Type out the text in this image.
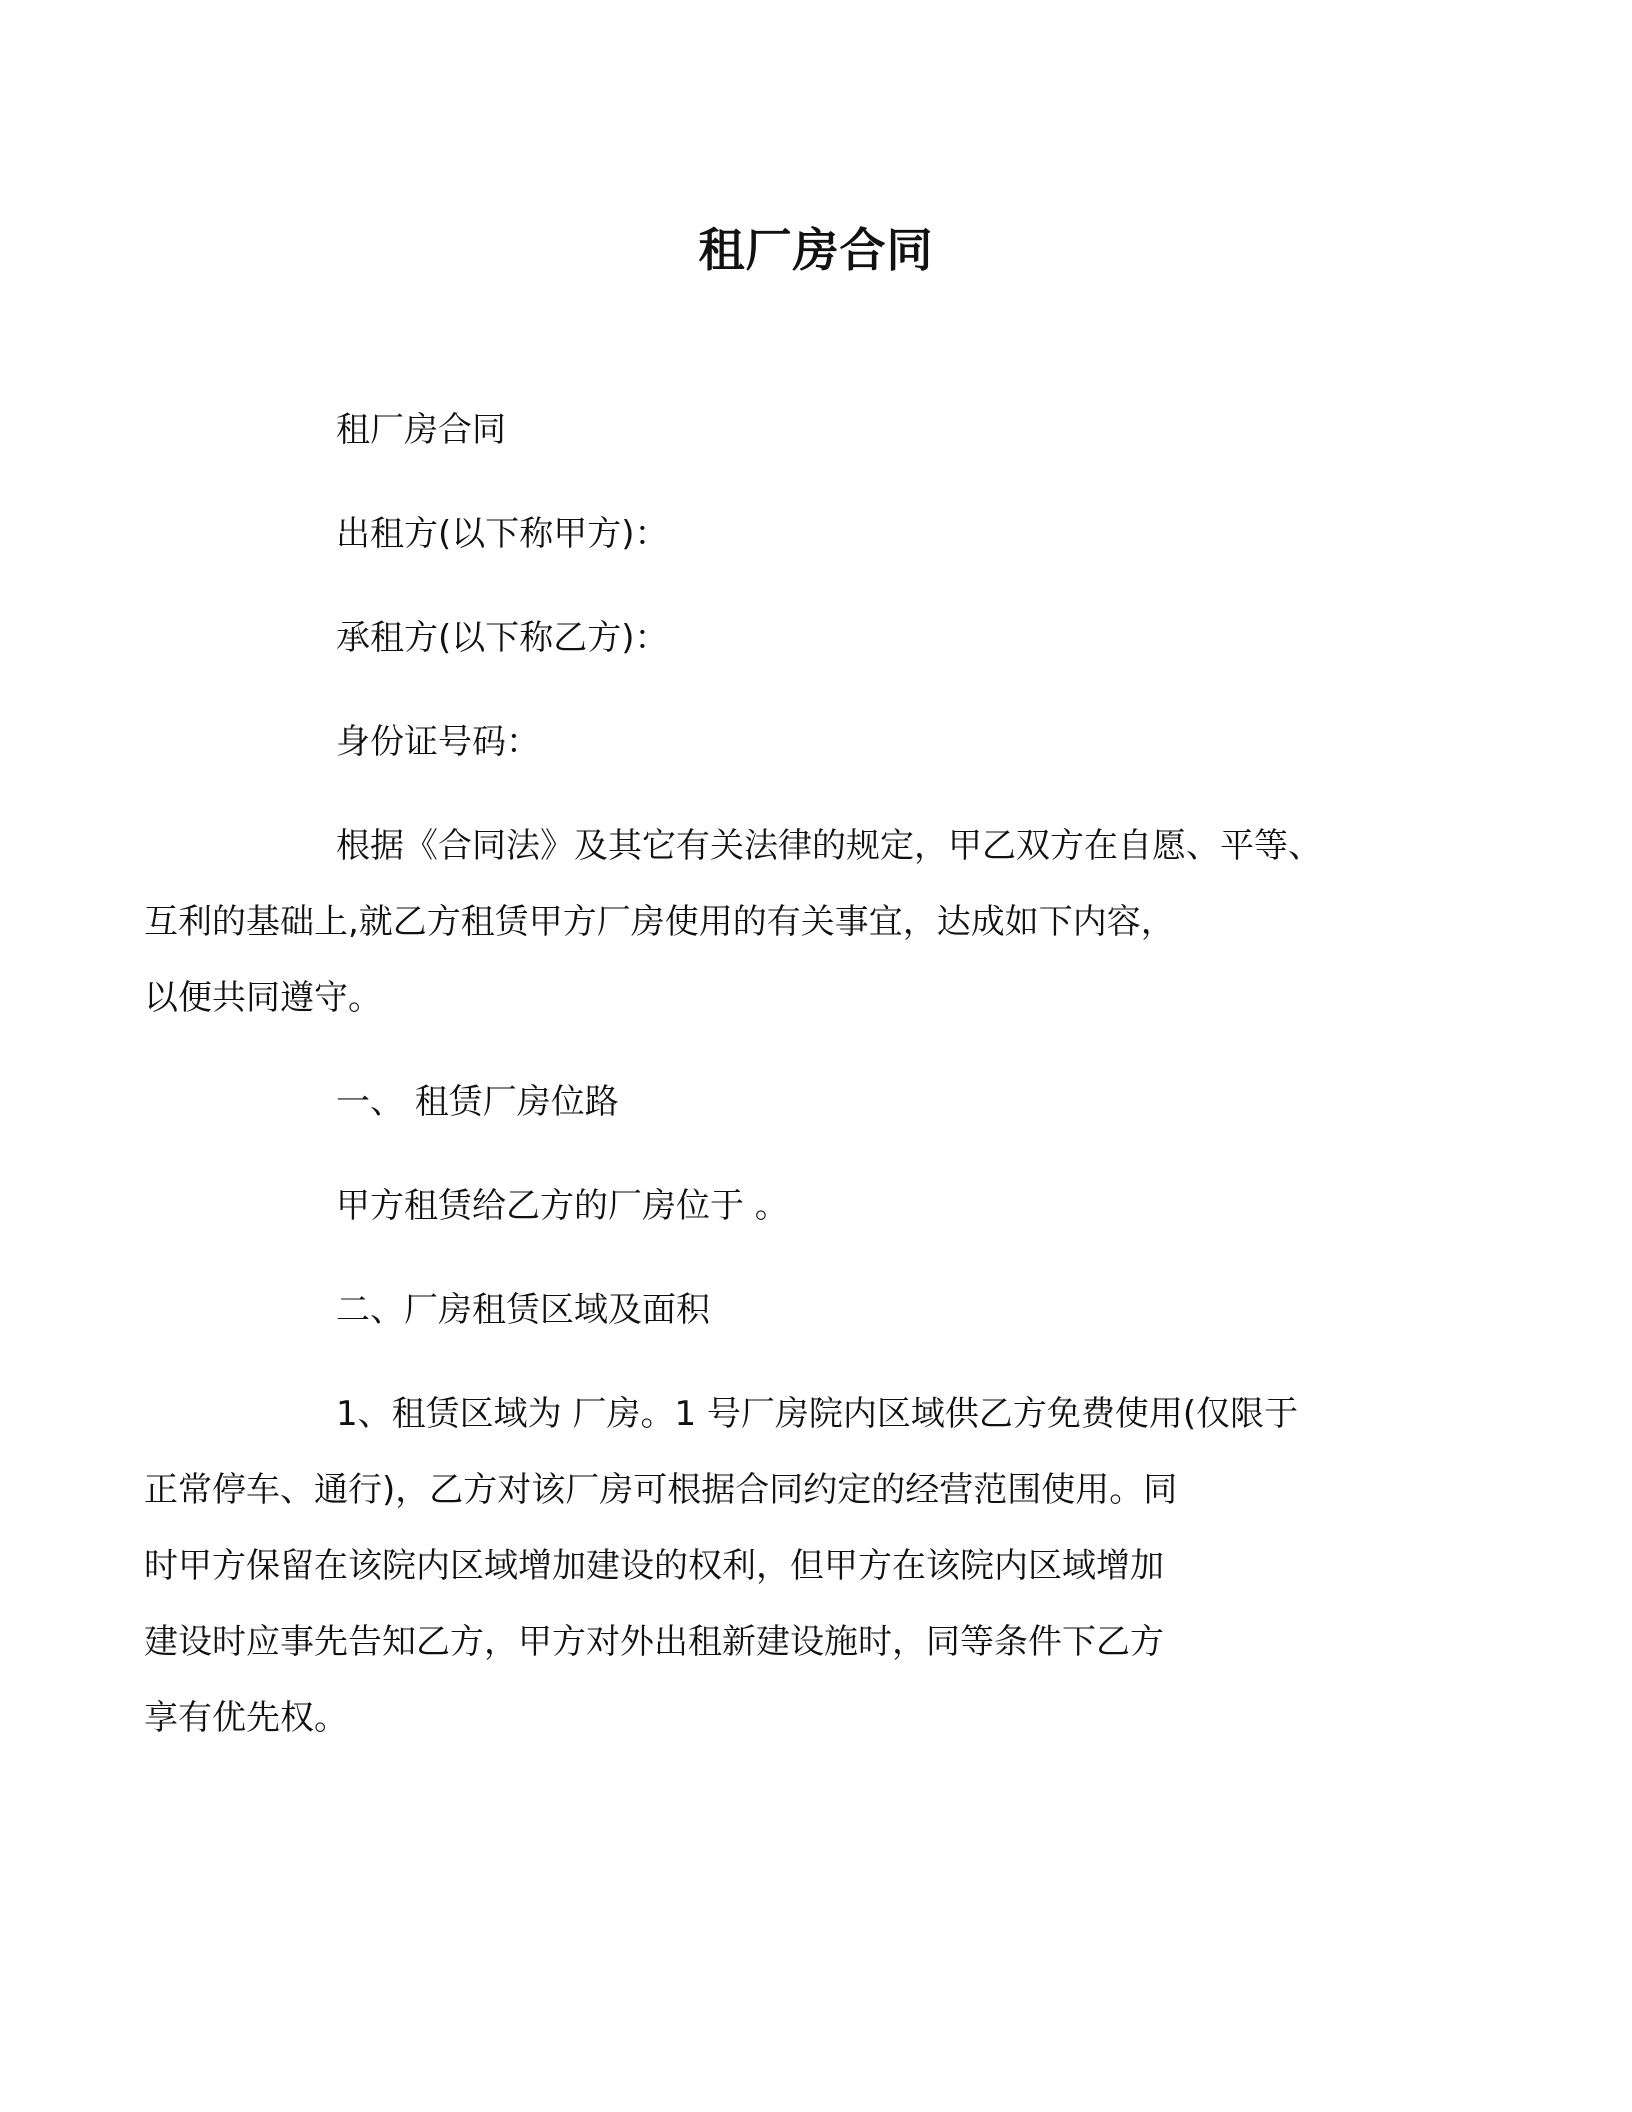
租厂房合同

租厂房合同

出租方(以下称甲方)：

承租方(以下称乙方)：

身份证号码：

根据《合同法》及其它有关法律的规定，甲乙双方在自愿、平等、
互利的基础上,就乙方租赁甲方厂房使用的有关事宜，达成如下内容，
以便共同遵守。

一、 租赁厂房位路

甲方租赁给乙方的厂房位于 。

二、厂房租赁区域及面积

1、租赁区域为 厂房。1 号厂房院内区域供乙方免费使用(仅限于
正常停车、通行)，乙方对该厂房可根据合同约定的经营范围使用。同
时甲方保留在该院内区域增加建设的权利，但甲方在该院内区域增加
建设时应事先告知乙方，甲方对外出租新建设施时，同等条件下乙方
享有优先权。
